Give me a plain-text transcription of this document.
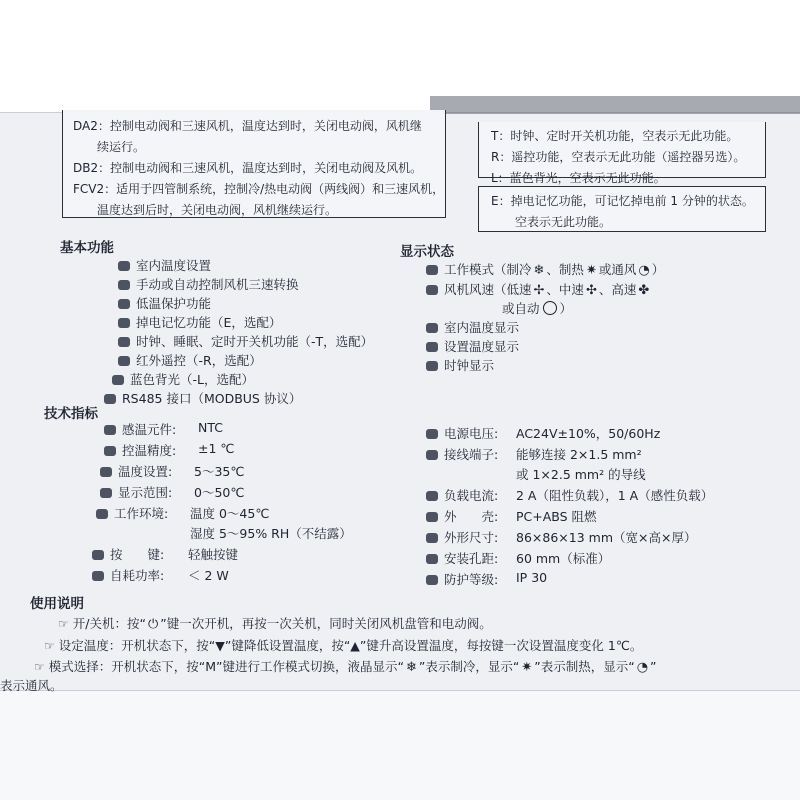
DA2：控制电动阀和三速风机，温度达到时，关闭电动阀，风机继

续运行。

DB2：控制电动阀和三速风机，温度达到时，关闭电动阀及风机。

FCV2：适用于四管制系统，控制冷/热电动阀（两线阀）和三速风机，

温度达到后时，关闭电动阀，风机继续运行。

T：时钟、定时开关机功能，空表示无此功能。

R：遥控功能，空表示无此功能（遥控器另选）。

L：蓝色背光，空表示无此功能。

E：掉电记忆功能，可记忆掉电前 1 分钟的状态。

空表示无此功能。

基本功能
室内温度设置
手动或自动控制风机三速转换
低温保护功能
掉电记忆功能（E，选配）
时钟、睡眠、定时开关机功能（-T，选配）
红外遥控（-R，选配）
蓝色背光（-L，选配）
RS485 接口（MODBUS 协议）
显示状态
工作模式（制冷 ❄ 、制热 ✷ 或通风 ◔ ）
风机风速（低速 ✢ 、中速 ✣ 、高速 ✤
或自动 ）
室内温度显示
设置温度显示
时钟显示
技术指标
感温元件: NTC
控温精度: ±1 ℃
温度设置: 5～35℃
显示范围: 0～50℃
工作环境: 温度 0～45℃
湿度 5～95% RH（不结露）
按　　键: 轻触按键
自耗功率: ＜ 2 W
电源电压: AC24V±10%，50/60Hz
接线端子: 能够连接 2×1.5 mm²
或 1×2.5 mm² 的导线
负载电流: 2 A（阻性负载），1 A（感性负载）
外　　壳: PC+ABS 阻燃
外形尺寸: 86×86×13 mm（宽×高×厚）
安装孔距: 60 mm（标准）
防护等级: IP 30
使用说明
☞ 开/关机：按“ ⏻ ”键一次开机，再按一次关机，同时关闭风机盘管和电动阀。
☞ 设定温度：开机状态下，按“▼”键降低设置温度，按“▲”键升高设置温度，每按键一次设置温度变化 1℃。
☞ 模式选择：开机状态下，按“M”键进行工作模式切换，液晶显示“ ❄ ”表示制冷，显示“ ✷ ”表示制热，显示“ ◔ ”
表示通风。
